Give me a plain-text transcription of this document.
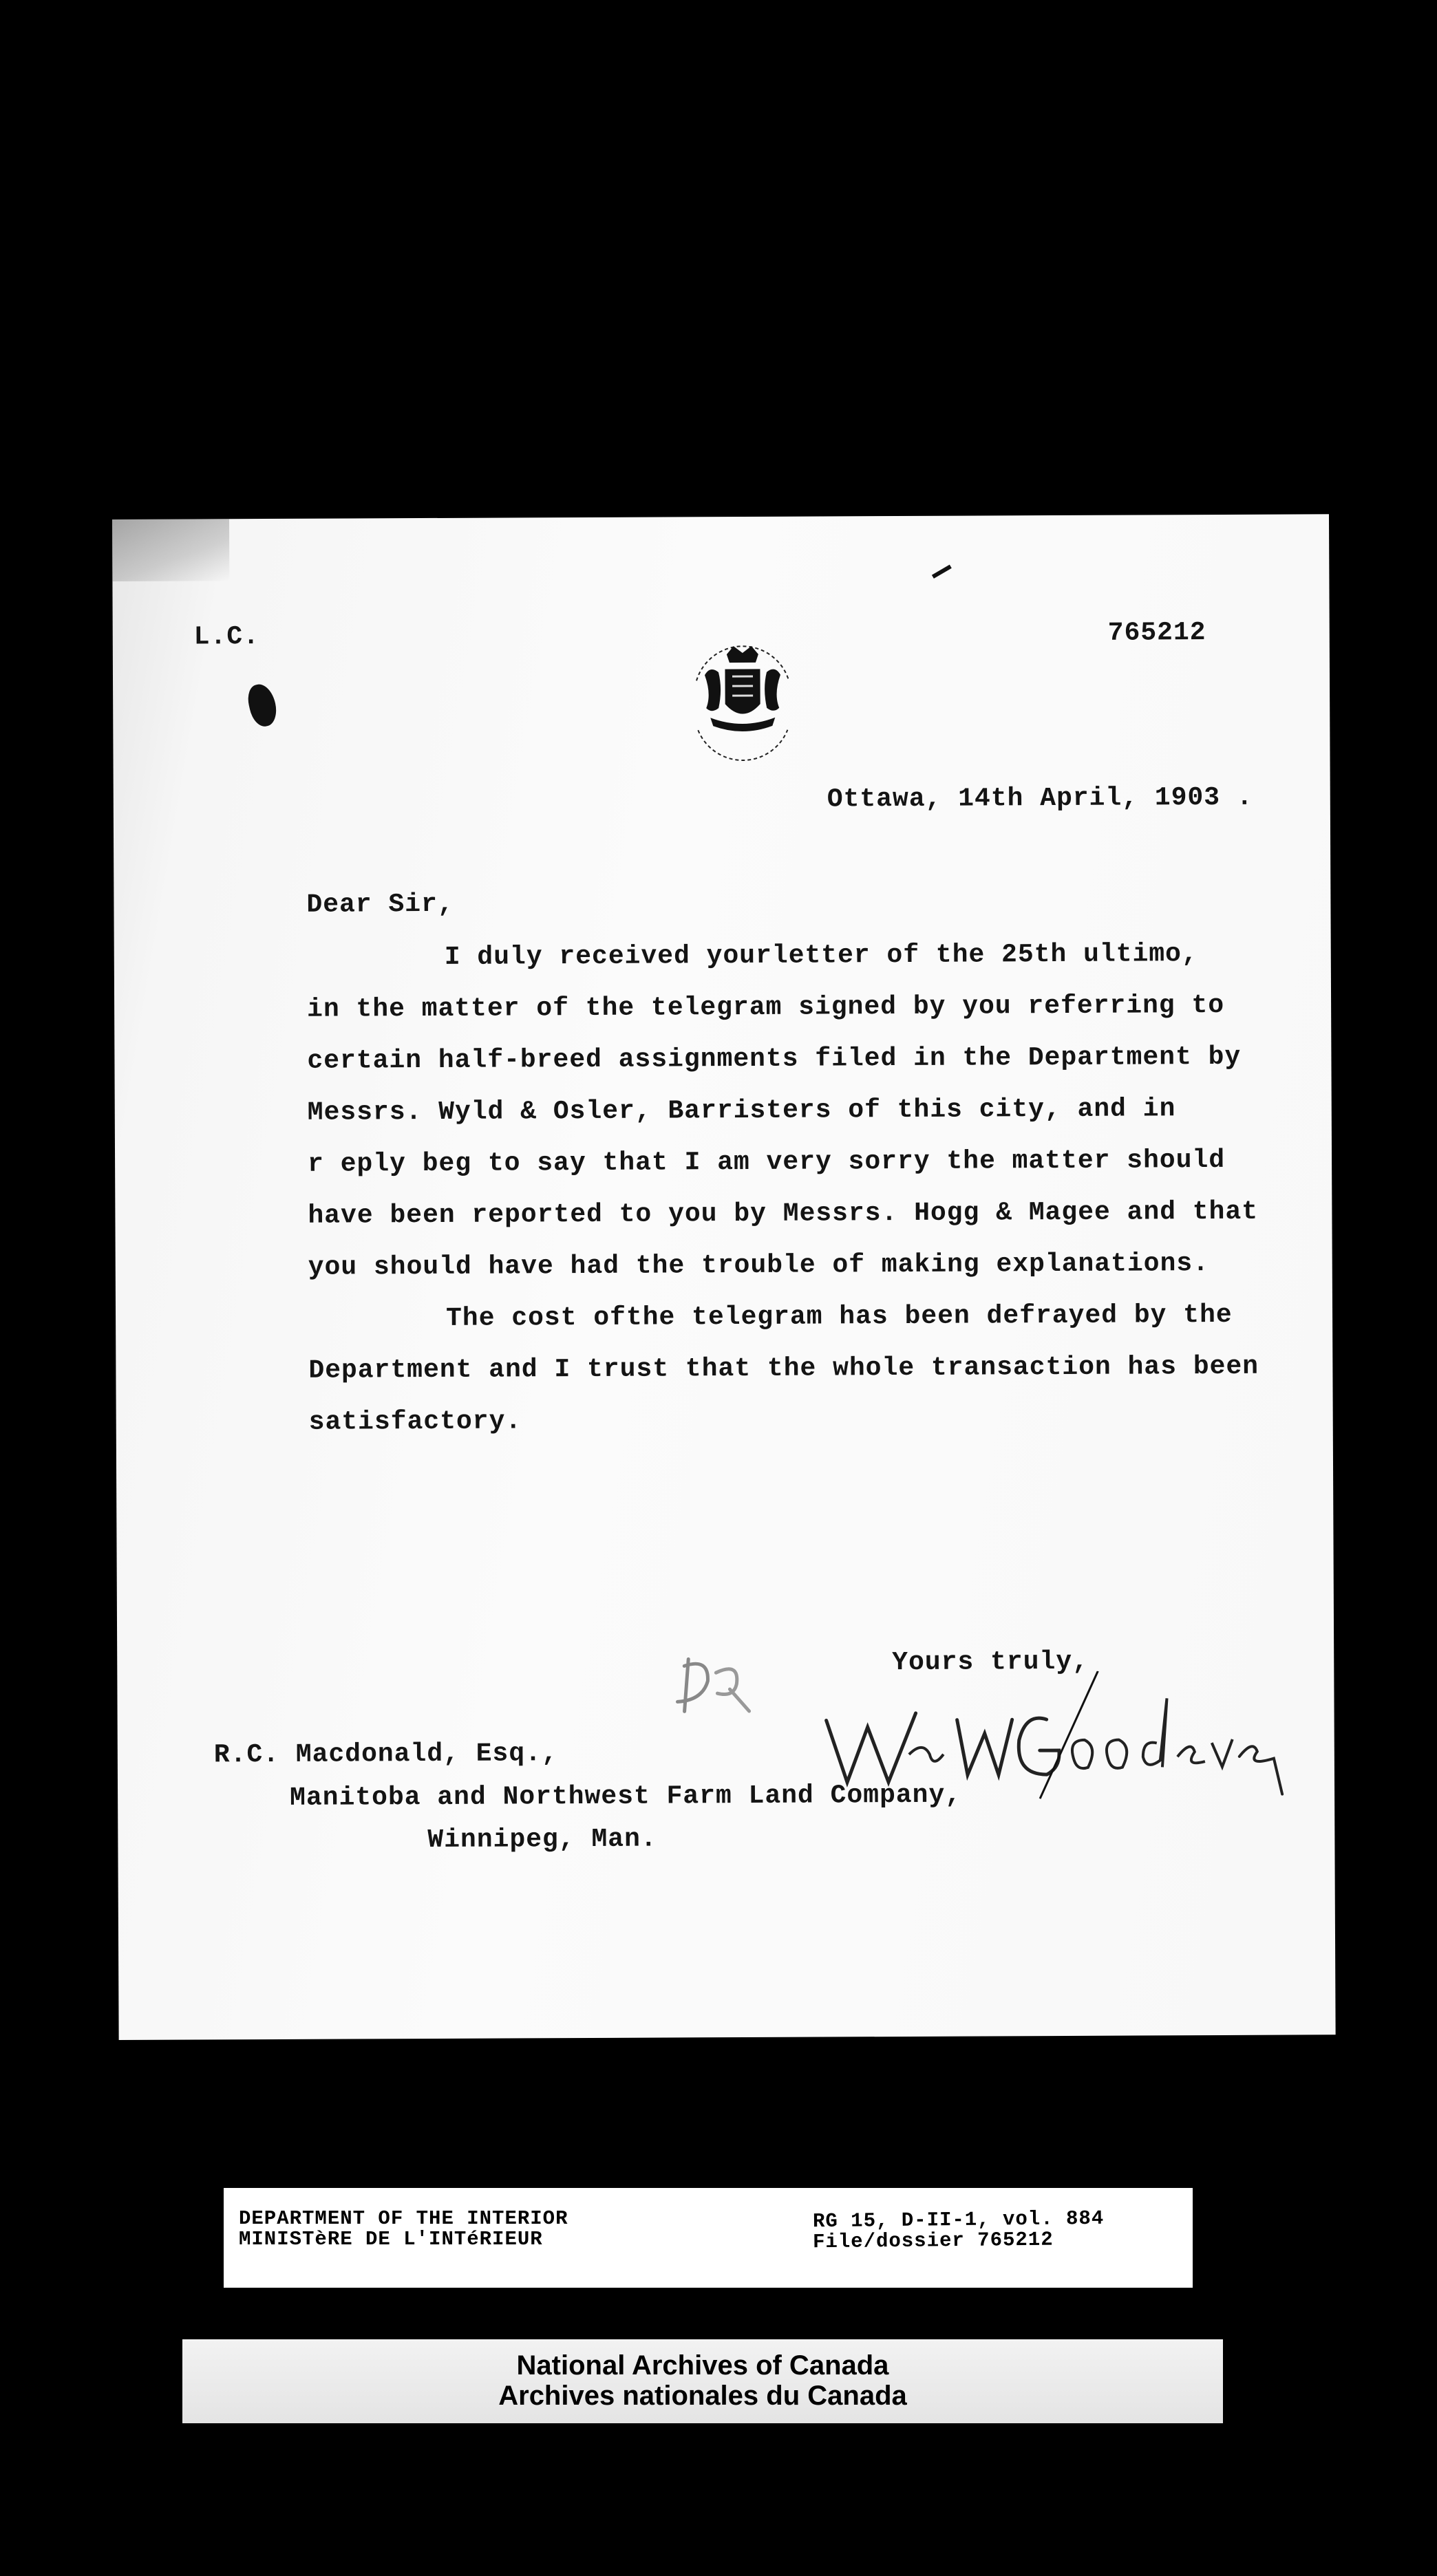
L.C.	765212
Ottawa, 14th April, 1903 .
Dear Sir,
I duly received yourletter of the 25th ultimo,
in the matter of the telegram signed by you referring to
certain half-breed assignments filed in the Department by
Messrs. Wyld & Osler, Barristers of this city, and in
r eply beg to say that I am very sorry the matter should
have been reported to you by Messrs. Hogg & Magee and that
you should have had the trouble of making explanations.
The cost ofthe telegram has been defrayed by the
Department and I trust that the whole transaction has been
satisfactory.
Yours truly,
R.C. Macdonald, Esq.,
Manitoba and Northwest Farm Land Company,
Winnipeg, Man.
DEPARTMENT OF THE INTERIOR
MINISTèRE DE L'INTéRIEUR
RG 15, D-II-1, vol. 884
File/dossier 765212
National Archives of Canada
Archives nationales du Canada
